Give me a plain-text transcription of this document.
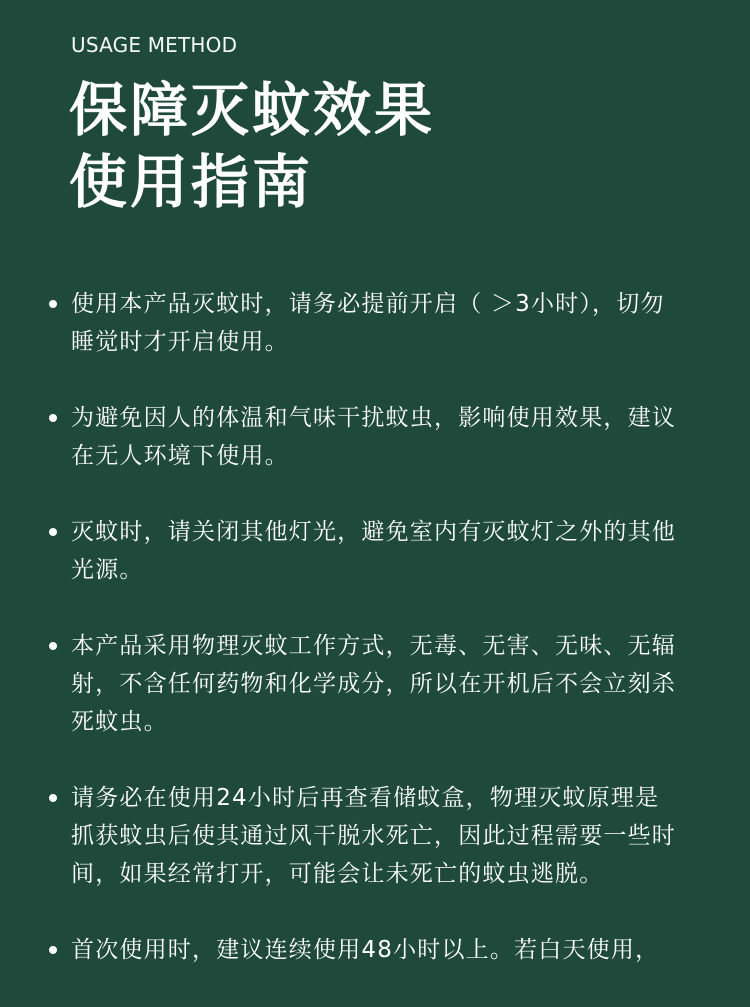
USAGE METHOD
保障灭蚊效果
使用指南
使用本产品灭蚊时，请务必提前开启（ ＞3小时），切勿睡觉时才开启使用。
为避免因人的体温和气味干扰蚊虫，影响使用效果，建议在无人环境下使用。
灭蚊时，请关闭其他灯光，避免室内有灭蚊灯之外的其他光源。
本产品采用物理灭蚊工作方式，无毒、无害、无味、无辐射，不含任何药物和化学成分，所以在开机后不会立刻杀死蚊虫。
请务必在使用24小时后再查看储蚊盒，物理灭蚊原理是抓获蚊虫后使其通过风干脱水死亡，因此过程需要一些时间，如果经常打开，可能会让未死亡的蚊虫逃脱。
首次使用时，建议连续使用48小时以上。若白天使用，
